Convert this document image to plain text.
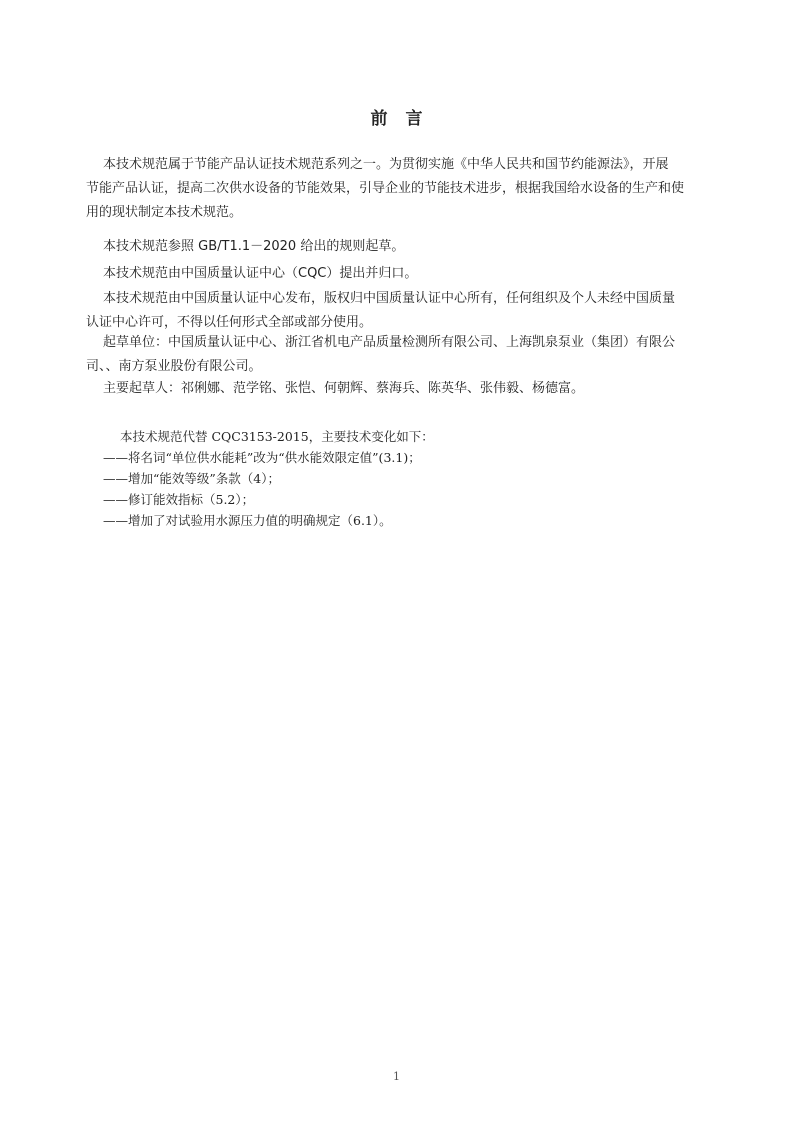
前言
本技术规范属于节能产品认证技术规范系列之一。为贯彻实施《中华人民共和国节约能源法》，开展
节能产品认证，提高二次供水设备的节能效果，引导企业的节能技术进步，根据我国给水设备的生产和使
用的现状制定本技术规范。
本技术规范参照 GB/T1.1－2020 给出的规则起草。
本技术规范由中国质量认证中心（CQC）提出并归口。
本技术规范由中国质量认证中心发布，版权归中国质量认证中心所有，任何组织及个人未经中国质量
认证中心许可，不得以任何形式全部或部分使用。
起草单位：中国质量认证中心、浙江省机电产品质量检测所有限公司、上海凯泉泵业（集团）有限公
司、、南方泵业股份有限公司。
主要起草人：祁俐娜、范学铭、张恺、何朝辉、蔡海兵、陈英华、张伟毅、杨德富。
本技术规范代替 CQC3153-2015，主要技术变化如下：
——将名词“单位供水能耗”改为“供水能效限定值”(3.1)；
——增加“能效等级”条款（4）；
——修订能效指标（5.2）；
——增加了对试验用水源压力值的明确规定（6.1）。
1
